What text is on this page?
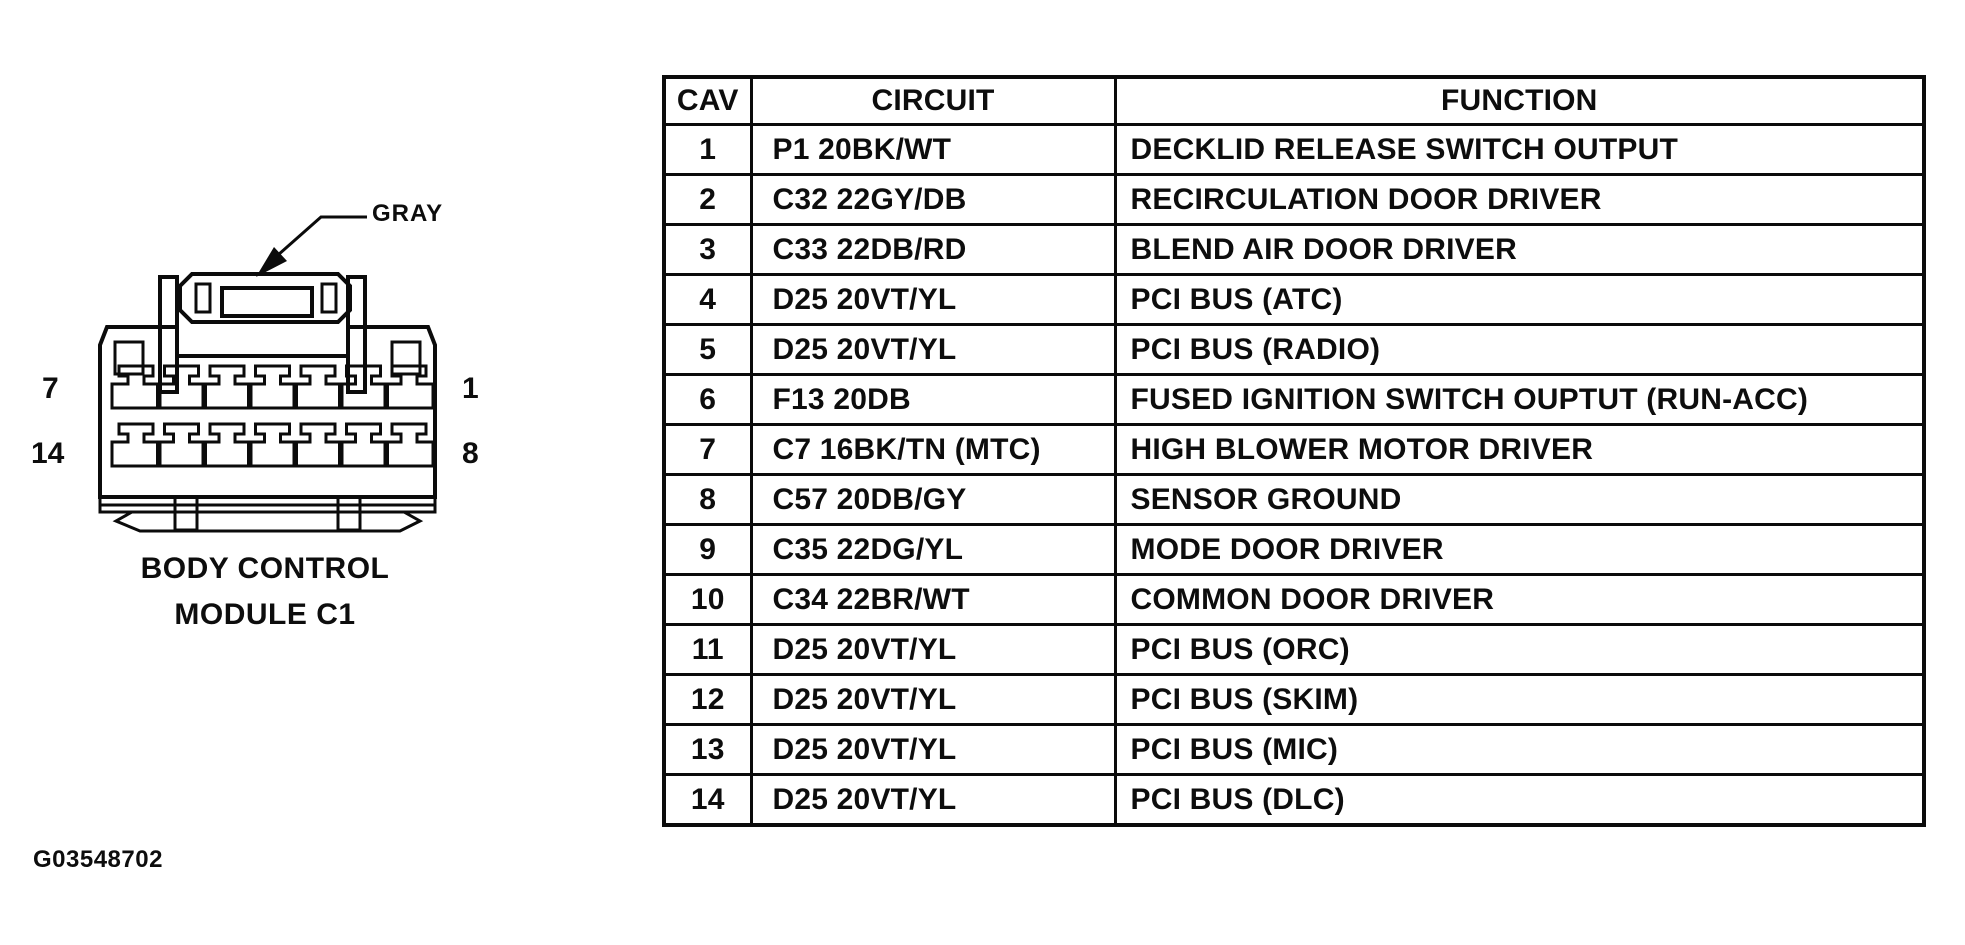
GRAY
7
14
1
8
BODY CONTROL
MODULE C1
G03548702
CAV	CIRCUIT	FUNCTION
1	P1 20BK/WT	DECKLID RELEASE SWITCH OUTPUT
2	C32 22GY/DB	RECIRCULATION DOOR DRIVER
3	C33 22DB/RD	BLEND AIR DOOR DRIVER
4	D25 20VT/YL	PCI BUS (ATC)
5	D25 20VT/YL	PCI BUS (RADIO)
6	F13 20DB	FUSED IGNITION SWITCH OUPTUT (RUN-ACC)
7	C7 16BK/TN (MTC)	HIGH BLOWER MOTOR DRIVER
8	C57 20DB/GY	SENSOR GROUND
9	C35 22DG/YL	MODE DOOR DRIVER
10	C34 22BR/WT	COMMON DOOR DRIVER
11	D25 20VT/YL	PCI BUS (ORC)
12	D25 20VT/YL	PCI BUS (SKIM)
13	D25 20VT/YL	PCI BUS (MIC)
14	D25 20VT/YL	PCI BUS (DLC)
